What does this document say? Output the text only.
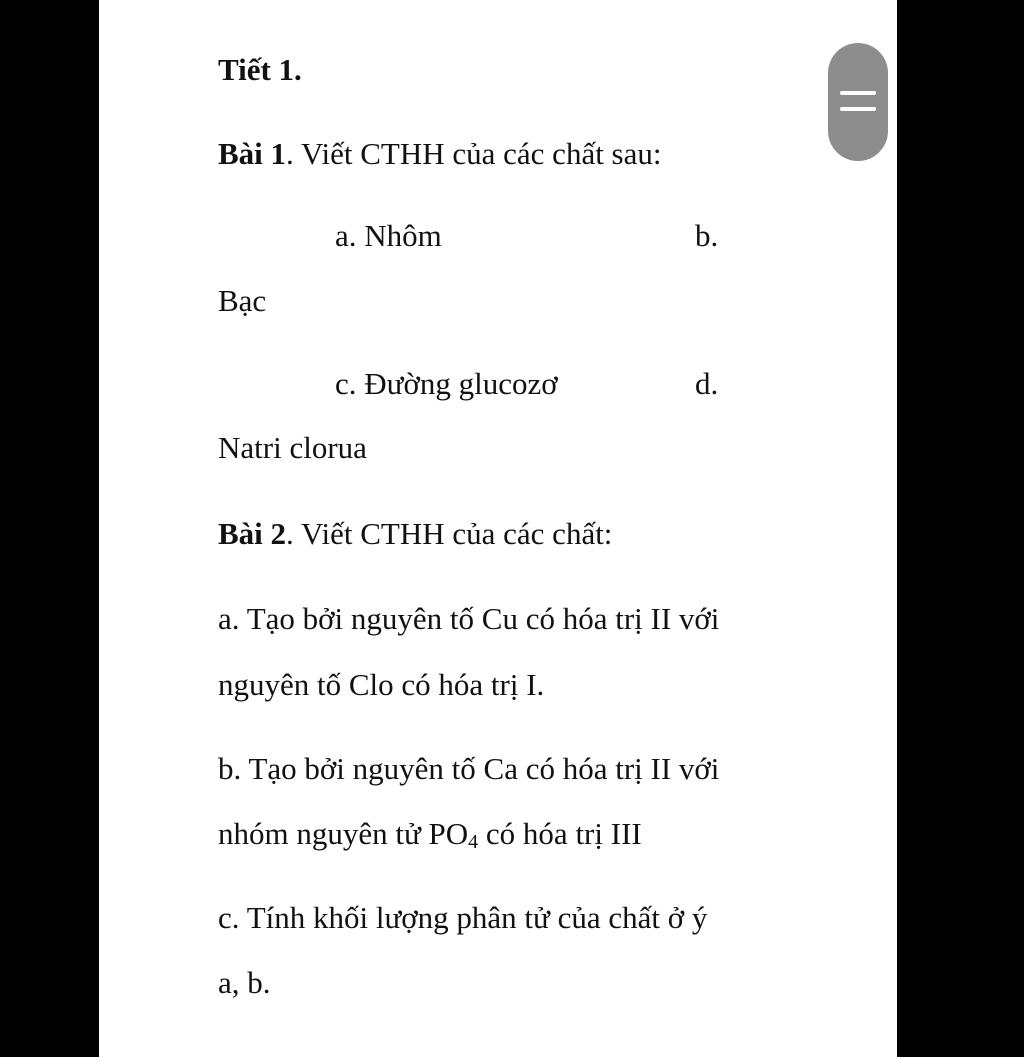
Tiết 1.
Bài 1. Viết CTHH của các chất sau:
a. Nhôm	b.
Bạc
c. Đường glucozơ	d.
Natri clorua
Bài 2. Viết CTHH của các chất:
a. Tạo bởi nguyên tố Cu có hóa trị II với
nguyên tố Clo có hóa trị I.
b. Tạo bởi nguyên tố Ca có hóa trị II với
nhóm nguyên tử $PO_4$ có hóa trị III
c. Tính khối lượng phân tử của chất ở ý
a, b.
